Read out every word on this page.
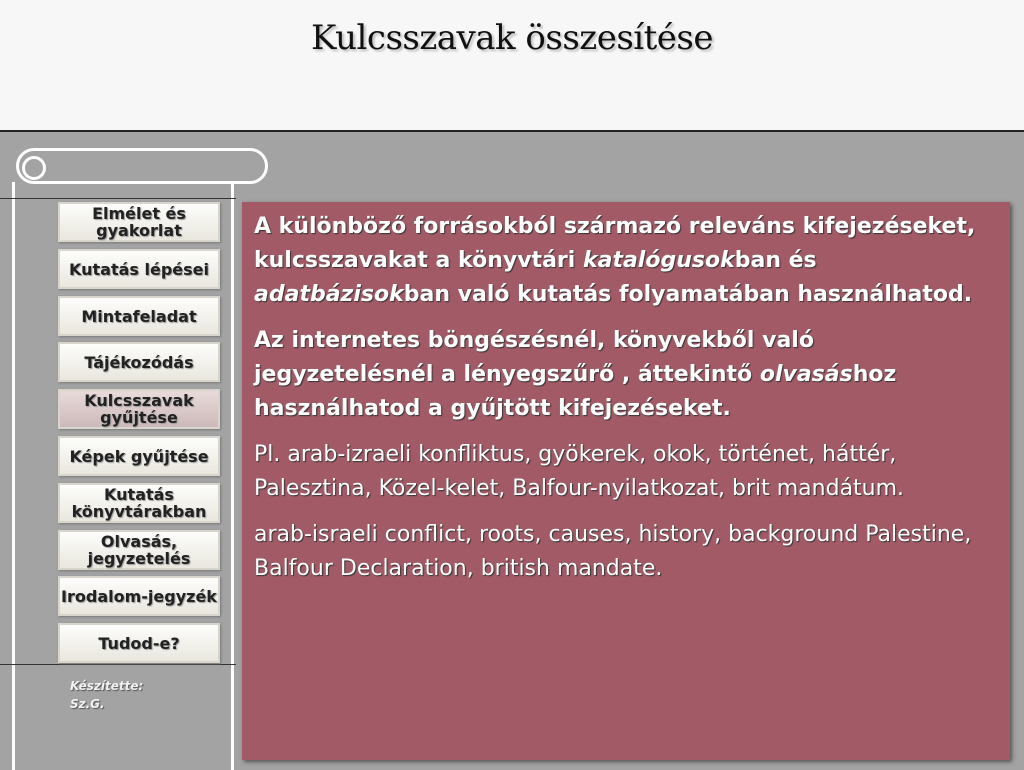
Kulcsszavak összesítése
Elmélet és gyakorlat
Kutatás lépései
Mintafeladat
Tájékozódás
Kulcsszavak gyűjtése
Képek gyűjtése
Kutatás könyvtárakban
Olvasás, jegyzetelés
Irodalom-jegyzék
Tudod-e?
Készítette:
Sz.G.

A különböző forrásokból származó releváns kifejezéseket, kulcsszavakat a könyvtári katalógusokban és adatbázisokban való kutatás folyamatában használhatod.

Az internetes böngészésnél, könyvekből való jegyzetelésnél a lényegszűrő , áttekintő olvasáshoz használhatod a gyűjtött kifejezéseket.

Pl. arab-izraeli konfliktus, gyökerek, okok, történet, háttér, Palesztina, Közel-kelet, Balfour-nyilatkozat, brit mandátum.

arab-israeli conflict, roots, causes, history, background Palestine, Balfour Declaration, british mandate.
